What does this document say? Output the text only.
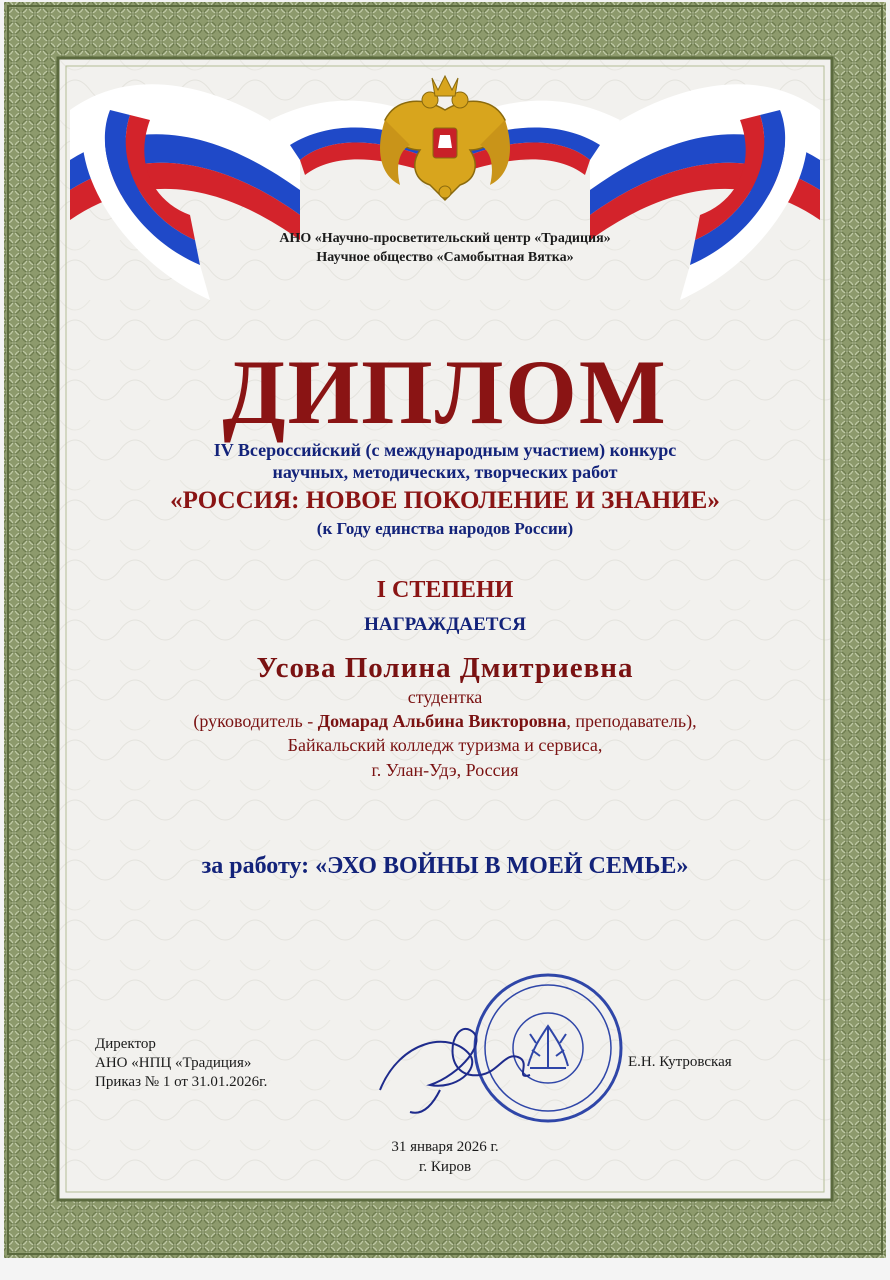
АНО «Научно-просветительский центр «Традиция»
Научное общество «Самобытная Вятка»
ДИПЛОМ
IV Всероссийский (с международным участием) конкурс
научных, методических, творческих работ
«РОССИЯ: НОВОЕ ПОКОЛЕНИЕ И ЗНАНИЕ»
(к Году единства народов России)
I СТЕПЕНИ
НАГРАЖДАЕТСЯ
Усова Полина Дмитриевна
студентка
(руководитель - Домарад Альбина Викторовна, преподаватель),
Байкальский колледж туризма и сервиса,
г. Улан-Удэ, Россия
за работу: «ЭХО ВОЙНЫ В МОЕЙ СЕМЬЕ»
Директор
АНО «НПЦ «Традиция»
Приказ № 1 от 31.01.2026г.
Е.Н. Кутровская
31 января 2026 г.
г. Киров
